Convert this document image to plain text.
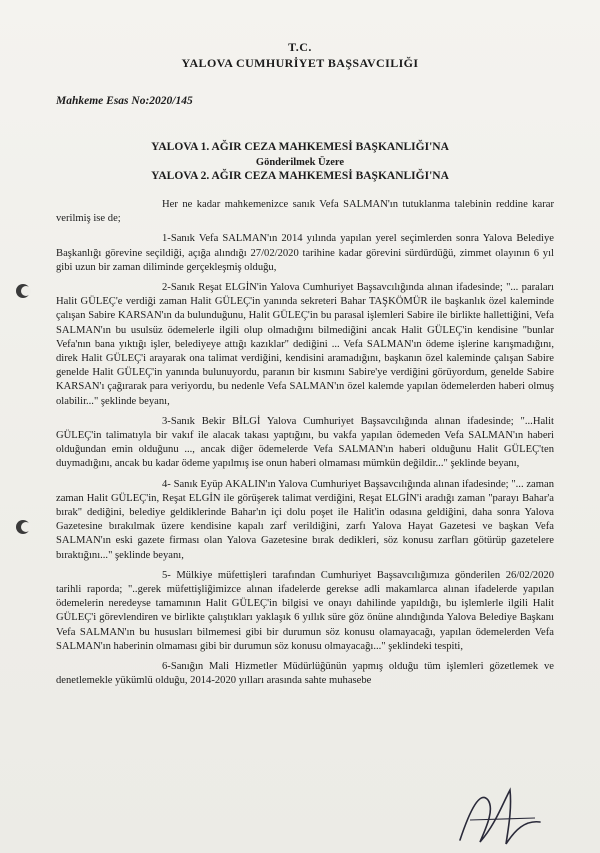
T.C.
YALOVA CUMHURİYET BAŞSAVCILIĞI
Mahkeme Esas No:2020/145
YALOVA 1. AĞIR CEZA MAHKEMESİ BAŞKANLIĞI'NA
Gönderilmek Üzere
YALOVA 2. AĞIR CEZA MAHKEMESİ BAŞKANLIĞI'NA

Her ne kadar mahkemenizce sanık Vefa SALMAN'ın tutuklanma talebinin reddine karar verilmiş ise de;

1-Sanık Vefa SALMAN'ın 2014 yılında yapılan yerel seçimlerden sonra Yalova Belediye Başkanlığı görevine seçildiği, açığa alındığı 27/02/2020 tarihine kadar görevini sürdürdüğü, zimmet olayının 6 yıl gibi uzun bir zaman diliminde gerçekleşmiş olduğu,

2-Sanık Reşat ELGİN'in Yalova Cumhuriyet Başsavcılığında alınan ifadesinde; "... paraları Halit GÜLEÇ'e verdiği zaman Halit GÜLEÇ'in yanında sekreteri Bahar TAŞKÖMÜR ile başkanlık özel kaleminde çalışan Sabire KARSAN'ın da bulunduğunu, Halit GÜLEÇ'in bu parasal işlemleri Sabire ile birlikte hallettiğini, Vefa SALMAN'ın bu usulsüz ödemelerle ilgili olup olmadığını bilmediğini ancak Halit GÜLEÇ'in kendisine "bunlar Vefa'nın bana yıktığı işler, belediyeye attığı kazıklar" dediğini ... Vefa SALMAN'ın ödeme işlerine karışmadığını, direk Halit GÜLEÇ'i arayarak ona talimat verdiğini, kendisini aramadığını, başkanın özel kaleminde çalışan Sabire genelde Halit GÜLEÇ'in yanında bulunuyordu, paranın bir kısmını Sabire'ye verdiğini görüyordum, genelde Sabire KARSAN'ı çağırarak para veriyordu, bu nedenle Vefa SALMAN'ın özel kalemde yapılan ödemelerden haberi olmuş olabilir..." şeklinde beyanı,

3-Sanık Bekir BİLGİ Yalova Cumhuriyet Başsavcılığında alınan ifadesinde; "...Halit GÜLEÇ'in talimatıyla bir vakıf ile alacak takası yaptığını, bu vakfa yapılan ödemeden Vefa SALMAN'ın haberi olduğundan emin olduğunu ..., ancak diğer ödemelerde Vefa SALMAN'ın haberi olduğunu Halit GÜLEÇ'ten duymadığını, ancak bu kadar ödeme yapılmış ise onun haberi olmaması mümkün değildir..." şeklinde beyanı,

4- Sanık Eyüp AKALIN'ın Yalova Cumhuriyet Başsavcılığında alınan ifadesinde; "... zaman zaman Halit GÜLEÇ'in, Reşat ELGİN ile görüşerek talimat verdiğini, Reşat ELGİN'i aradığı zaman "parayı Bahar'a bırak" dediğini, belediye geldiklerinde Bahar'ın içi dolu poşet ile Halit'in odasına geldiğini, daha sonra Yalova Gazetesine bırakılmak üzere kendisine kapalı zarf verildiğini, zarfı Yalova Hayat Gazetesi ve başkan Vefa SALMAN'ın eski gazete firması olan Yalova Gazetesine bırak dedikleri, söz konusu zarfları götürüp gazetelere bıraktığını..." şeklinde beyanı,

5- Mülkiye müfettişleri tarafından Cumhuriyet Başsavcılığımıza gönderilen 26/02/2020 tarihli raporda; "..gerek müfettişliğimizce alınan ifadelerde gerekse adli makamlarca alınan ifadelerde yapılan ödemelerin neredeyse tamamının Halit GÜLEÇ'in bilgisi ve onayı dahilinde yapıldığı, bu işlemlerle ilgili Halit GÜLEÇ'i görevlendiren ve birlikte çalıştıkları yaklaşık 6 yıllık süre göz önüne alındığında Yalova Belediye Başkanı Vefa SALMAN'ın bu hususları bilmemesi gibi bir durumun söz konusu olamayacağı, yapılan ödemelerden Vefa SALMAN'ın haberinin olmaması gibi bir durumun söz konusu olmayacağı..." şeklindeki tespiti,

6-Sanığın Mali Hizmetler Müdürlüğünün yapmış olduğu tüm işlemleri gözetlemek ve denetlemekle yükümlü olduğu, 2014-2020 yılları arasında sahte muhasebe
